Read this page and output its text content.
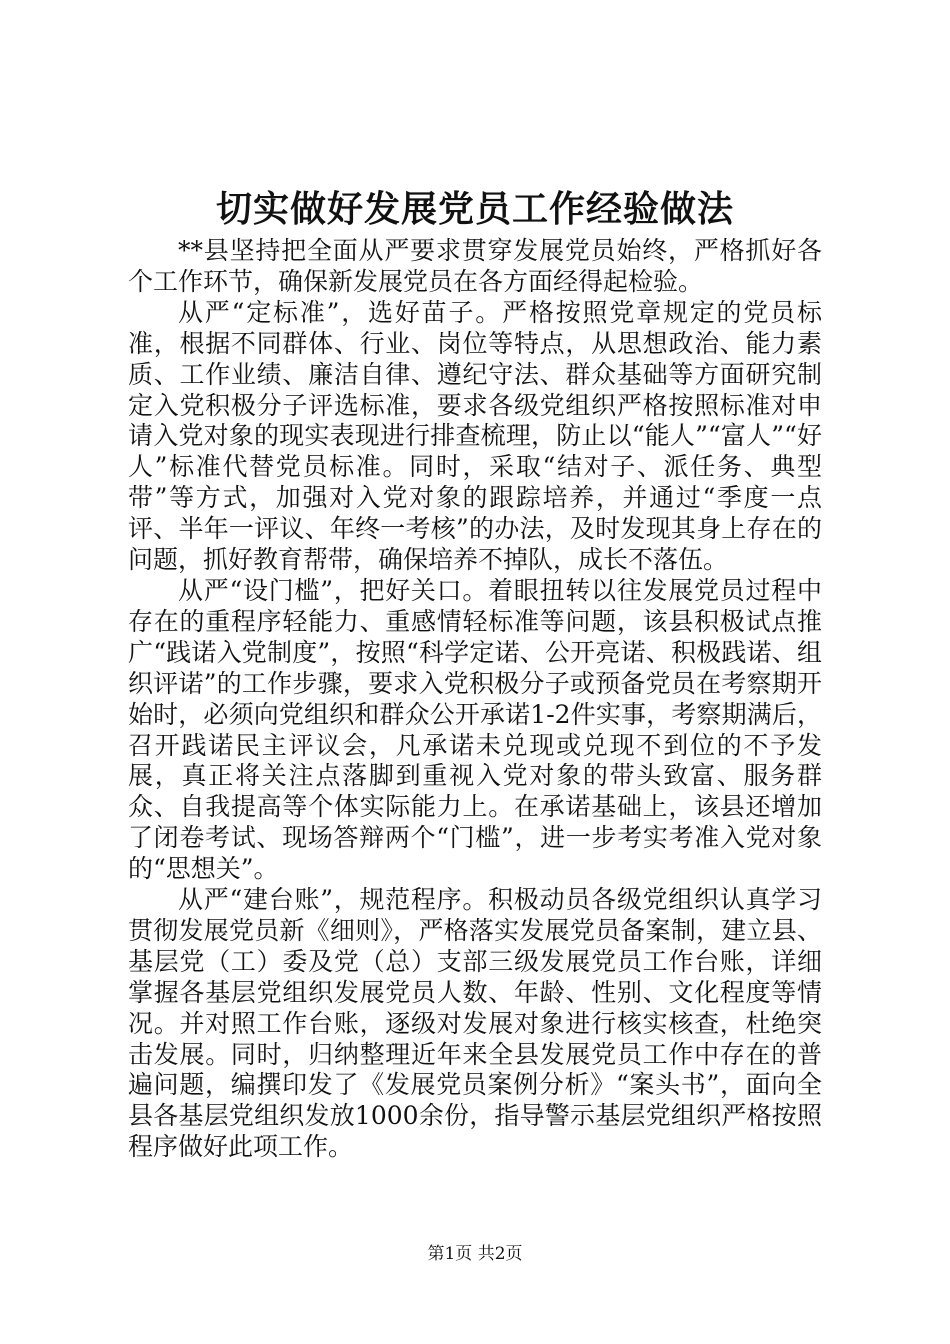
切实做好发展党员工作经验做法

**县坚持把全面从严要求贯穿发展党员始终，严格抓好各个工作环节，确保新发展党员在各方面经得起检验。

从严“定标准”，选好苗子。严格按照党章规定的党员标准，根据不同群体、行业、岗位等特点，从思想政治、能力素质、工作业绩、廉洁自律、遵纪守法、群众基础等方面研究制定入党积极分子评选标准，要求各级党组织严格按照标准对申请入党对象的现实表现进行排查梳理，防止以“能人”“富人”“好人”标准代替党员标准。同时，采取“结对子、派任务、典型带”等方式，加强对入党对象的跟踪培养，并通过“季度一点评、半年一评议、年终一考核”的办法，及时发现其身上存在的问题，抓好教育帮带，确保培养不掉队，成长不落伍。

从严“设门槛”，把好关口。着眼扭转以往发展党员过程中存在的重程序轻能力、重感情轻标准等问题，该县积极试点推广“践诺入党制度”，按照“科学定诺、公开亮诺、积极践诺、组织评诺”的工作步骤，要求入党积极分子或预备党员在考察期开始时，必须向党组织和群众公开承诺1-2件实事，考察期满后，召开践诺民主评议会，凡承诺未兑现或兑现不到位的不予发展，真正将关注点落脚到重视入党对象的带头致富、服务群众、自我提高等个体实际能力上。在承诺基础上，该县还增加了闭卷考试、现场答辩两个“门槛”，进一步考实考准入党对象的“思想关”。

从严“建台账”，规范程序。积极动员各级党组织认真学习贯彻发展党员新《细则》，严格落实发展党员备案制，建立县、基层党（工）委及党（总）支部三级发展党员工作台账，详细掌握各基层党组织发展党员人数、年龄、性别、文化程度等情况。并对照工作台账，逐级对发展对象进行核实核查，杜绝突击发展。同时，归纳整理近年来全县发展党员工作中存在的普遍问题，编撰印发了《发展党员案例分析》“案头书”，面向全县各基层党组织发放1000余份，指导警示基层党组织严格按照程序做好此项工作。

第1页 共2页
